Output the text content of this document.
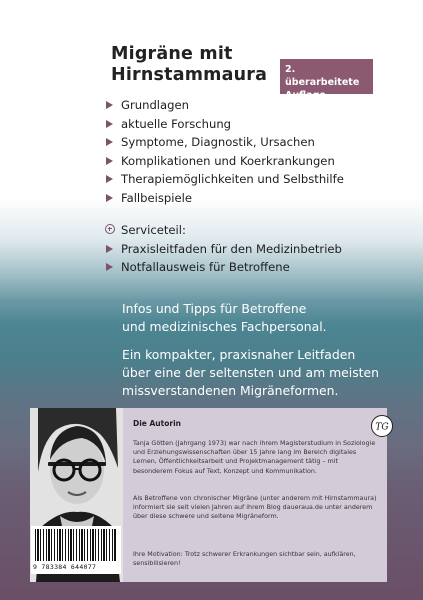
Migräne mit
Hirnstammaura 2. überarbeitete
Auflage
Grundlagen
aktuelle Forschung
Symptome, Diagnostik, Ursachen
Komplikationen und Koerkrankungen
Therapiemöglichkeiten und Selbsthilfe
Fallbeispiele
Serviceteil:
Praxisleitfaden für den Medizinbetrieb
Notfallausweis für Betroffene
Infos und Tipps für Betroffene
und medizinisches Fachpersonal.
Ein kompakter, praxisnaher Leitfaden
über eine der seltensten und am meisten
missverstandenen Migräneformen.
9 783384 644077
Die Autorin

Tanja Götten (Jahrgang 1973) war nach ihrem Magisterstudium in Soziologie und Erziehungswissenschaften über 15 Jahre lang im Bereich digitales Lernen, Öffentlichkeitsarbeit und Projektmanagement tätig – mit besonderem Fokus auf Text, Konzept und Kommunikation.

Als Betroffene von chronischer Migräne (unter anderem mit Hirnstammaura) informiert sie seit vielen Jahren auf ihrem Blog dauerauа.de unter anderem über diese schwere und seltene Migräneform.

Ihre Motivation: Trotz schwerer Erkrankungen sichtbar sein, aufklären, sensibilisieren!

TG
